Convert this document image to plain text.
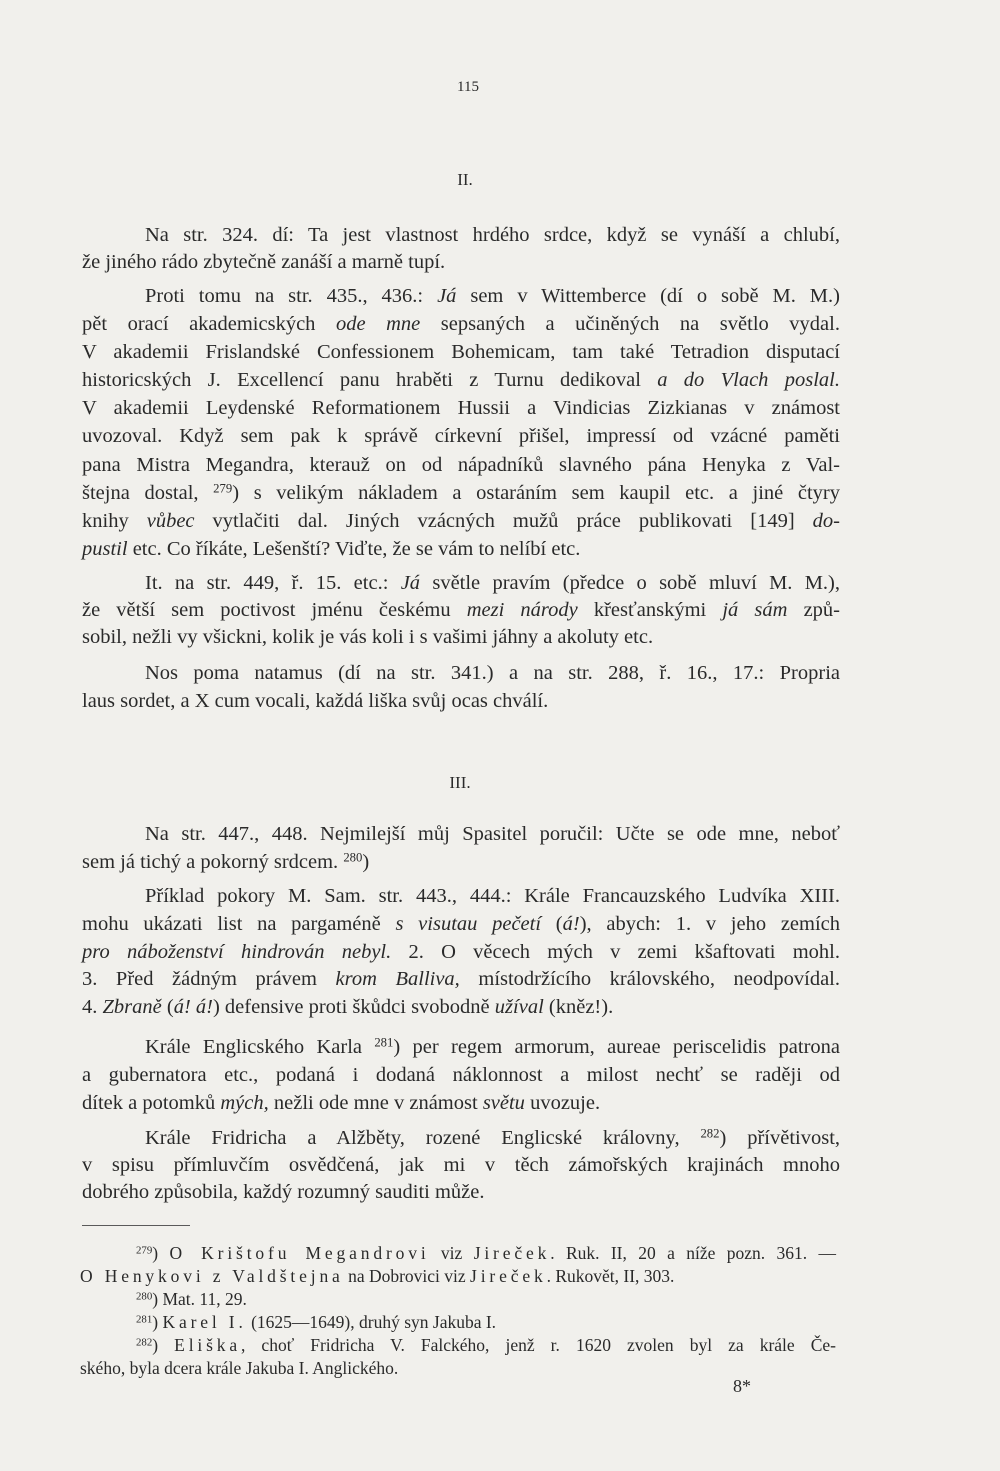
115
II.
Na str. 324. dí: Ta jest vlastnost hrdého srdce, když se vynáší a chlubí,
že jiného rádo zbytečně zanáší a marně tupí.
Proti tomu na str. 435., 436.: Já sem v Wittemberce (dí o sobě M. M.)
pět orací akademicských ode mne sepsaných a učiněných na světlo vydal.
V akademii Frislandské Confessionem Bohemicam, tam také Tetradion disputací
historicských J. Excellencí panu hraběti z Turnu dedikoval a do Vlach poslal.
V akademii Leydenské Reformationem Hussii a Vindicias Zizkianas v známost
uvozoval. Když sem pak k správě církevní přišel, impressí od vzácné paměti
pana Mistra Megandra, kterauž on od nápadníků slavného pána Henyka z Val-
štejna dostal, $^{279}$) s velikým nákladem a ostaráním sem kaupil etc. a jiné čtyry
knihy vůbec vytlačiti dal. Jiných vzácných mužů práce publikovati [149] do-
pustil etc. Co říkáte, Lešenští? Viďte, že se vám to nelíbí etc.
It. na str. 449, ř. 15. etc.: Já světle pravím (předce o sobě mluví M. M.),
že větší sem poctivost jménu českému mezi národy křesťanskými já sám způ-
sobil, nežli vy všickni, kolik je vás koli i s vašimi jáhny a akoluty etc.
Nos poma natamus (dí na str. 341.) a na str. 288, ř. 16., 17.: Propria
laus sordet, a X cum vocali, každá liška svůj ocas chválí.
III.
Na str. 447., 448. Nejmilejší můj Spasitel poručil: Učte se ode mne, neboť
sem já tichý a pokorný srdcem. $^{280}$)
Příklad pokory M. Sam. str. 443., 444.: Krále Francauzského Ludvíka XIII.
mohu ukázati list na pargaméně s visutau pečetí (á!), abych: 1. v jeho zemích
pro náboženství hindrován nebyl. 2. O věcech mých v zemi kšaftovati mohl.
3. Před žádným právem krom Balliva, místodržícího královského, neodpovídal.
4. Zbraně (á! á!) defensive proti škůdci svobodně užíval (kněz!).
Krále Englicského Karla $^{281}$) per regem armorum, aureae periscelidis patrona
a gubernatora etc., podaná i dodaná náklonnost a milost nechť se raději od
dítek a potomků mých, nežli ode mne v známost světu uvozuje.
Krále Fridricha a Alžběty, rozené Englicské královny, $^{282}$) přívětivost,
v spisu přímluvčím osvědčená, jak mi v těch zámořských krajinách mnoho
dobrého způsobila, každý rozumný sauditi může.
$^{279}$) O Krištofu Megandrovi viz Jireček. Ruk. II, 20 a níže pozn. 361. —
O Henykovi z Valdštejna na Dobrovici viz Jireček. Rukovět, II, 303.
$^{280}$) Mat. 11, 29.
$^{281}$) Karel I. (1625—1649), druhý syn Jakuba I.
$^{282}$) Eliška, choť Fridricha V. Falckého, jenž r. 1620 zvolen byl za krále Če-
ského, byla dcera krále Jakuba I. Anglického.
8*
